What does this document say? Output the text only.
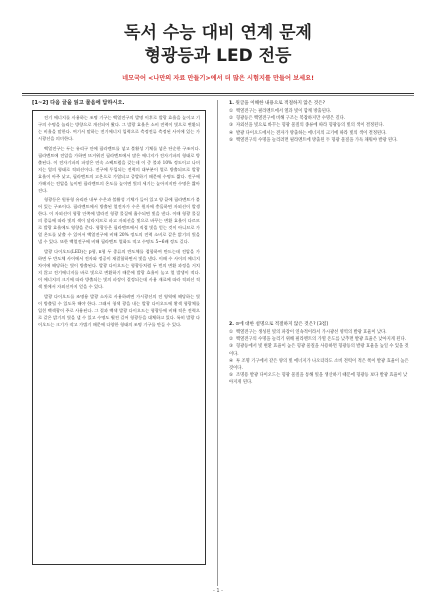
독서 수능 대비 연계 문제
형광등과 LED 전등
네모국어 <나만의 자료 만들기>에서 더 많은 시험지를 만들어 보세요!
[1~2] 다음 글을 읽고 물음에 답하시오.

전기 에너지를 사용하는 조명 기구는 백열전구의 발명 이후로 발광 효율을 높이고 기구의 수명을 늘리는 방향으로 개선되어 왔다. 그 발광 효율은 소비 전력이 빛으로 변환되는 비율을 말한다. 여기서 말하는 전기에너지 입력으로 측정전류 측정된 사이에 있는 가시광선을 의미한다.

백열전구는 두는 유리구 안에 필라멘트를 넣고 불활성 기체를 넣은 단순한 구조이다. 필라멘트에 전압을 가하면 뜨거워진 필라멘트에서 많은 에너지가 전자기파의 형태로 방출된다. 이 전자기파의 파장은 연속 스펙트럼을 갖는데 이 중 불과 10% 정도이고 나머지는 열의 형태로 적외선이다. 전구에 투입되는 전력의 대부분이 열로 방출되므로 발광 효율이 아주 낮고, 필라멘트의 고온으로 가열되고 증발하기 때문에 수명도 짧다. 전구에 가해지는 전압을 높이면 필라멘트의 온도를 높이면 빛의 세기는 높아지지만 수명은 짧아진다.

형광등은 원통형 유리관 내부 수은과 불활성 기체가 들어 있고 양 끝에 필라멘트가 붙어 있는 구조이다. 필라멘트에서 방출된 열전자가 수은 원자에 충돌하면 자외선이 발생한다. 이 자외선이 형광 안쪽에 발라진 형광 물질에 흡수되면 빛을 낸다. 이때 형광 물질의 종류에 따라 빛의 색이 달라지므로 파고 자외선을 빛으로 바꾸는 변환 효율이 다르므로 발광 효율에도 영향을 준다. 형광등은 필라멘트에서 직접 빛을 얻는 것이 아니므로 가열 온도를 낮출 수 있어서 백열전구에 비해 20% 정도의 전력 소비로 같은 밝기의 빛을 낼 수 있다. 또한 백열전구에 비해 필라멘트 열화도 적고 수명도 5~6배 정도 길다.

발광 다이오드(LED)는 p형, n형 두 종류의 반도체를 접합하여 만드는데 전압을 가하면 두 반도체 사이에서 전자와 정공이 재결합하면서 빛을 낸다. 이때 수 사이의 에너지 차이에 해당하는 빛이 방출된다. 발광 다이오드는 형광등처럼 두 번의 변환 과정을 거치지 않고 전기에너지를 바로 빛으로 변환하기 때문에 발광 효율이 높고 열 발생이 적다. 이 에너지의 크기에 따라 방출되는 빛의 파장이 결정되는데 사용 재료에 따라 적외선 적색 빛에서 자외선까지 얻을 수 있다.

발광 다이오드를 조명용 발광 소자로 사용하려면 가시광선의 전 영역에 해당하는 빛이 방출될 수 있도록 해야 한다. 그래서 청색 광을 내는 발광 다이오드에 황색 형광체를 입힌 백색광이 주로 사용된다. 그 결과 백색 발광 다이오드는 형광등에 비해 적은 전력으로 같은 밝기의 빛을 낼 수 있고 수명도 훨씬 길어 형광등을 대체하고 있다. 특히 발광 다이오드는 크기가 작고 가볍기 때문에 다양한 형태의 조명 기구를 만들 수 있다.

1. 윗글을 이해한 내용으로 적절하지 않은 것은?
① 백열전구는 필라멘트에서 열과 빛이 함께 방출된다.
② 형광등은 백열전구에 비해 구조는 복잡하지만 수명은 길다.
③ 자외선을 빛으로 바꾸는 형광 물질의 종류에 따라 형광등의 빛의 색이 결정된다.
④ 발광 다이오드에서는 전자가 방출하는 에너지의 크기에 따라 빛의 색이 결정된다.
⑤ 백열전구의 수명을 늘리려면 필라멘트에 방출된 두 형광 물질을 가득 채워야 발광 된다.
2. ⊙에 대한 설명으로 적절하지 않은 것은? [3점]
① 백열전구는 생성된 빛의 파장이 연속적이라서 가시광선 영역의 발광 효율이 낮다.
② 백열전구의 수명을 늘리기 위해 필라멘트의 가열 온도를 낮추면 발광 효율은 낮아지게 된다.
③ 형광등에서 빛 변환 효율이 높은 형광 물질을 사용하면 형광등의 발광 효율을 높일 수 있을 것이다.
④ 투 조명 기구에서 같은 양의 빛 에너지가 나오더라도 소비 전력이 적은 쪽이 발광 효율이 높은 것이다.
⑤ 조명용 발광 다이오드는 형광 물질을 통해 빛을 생산하기 때문에 형광등 보다 발광 효율이 낮아지게 된다.
- 1 -
